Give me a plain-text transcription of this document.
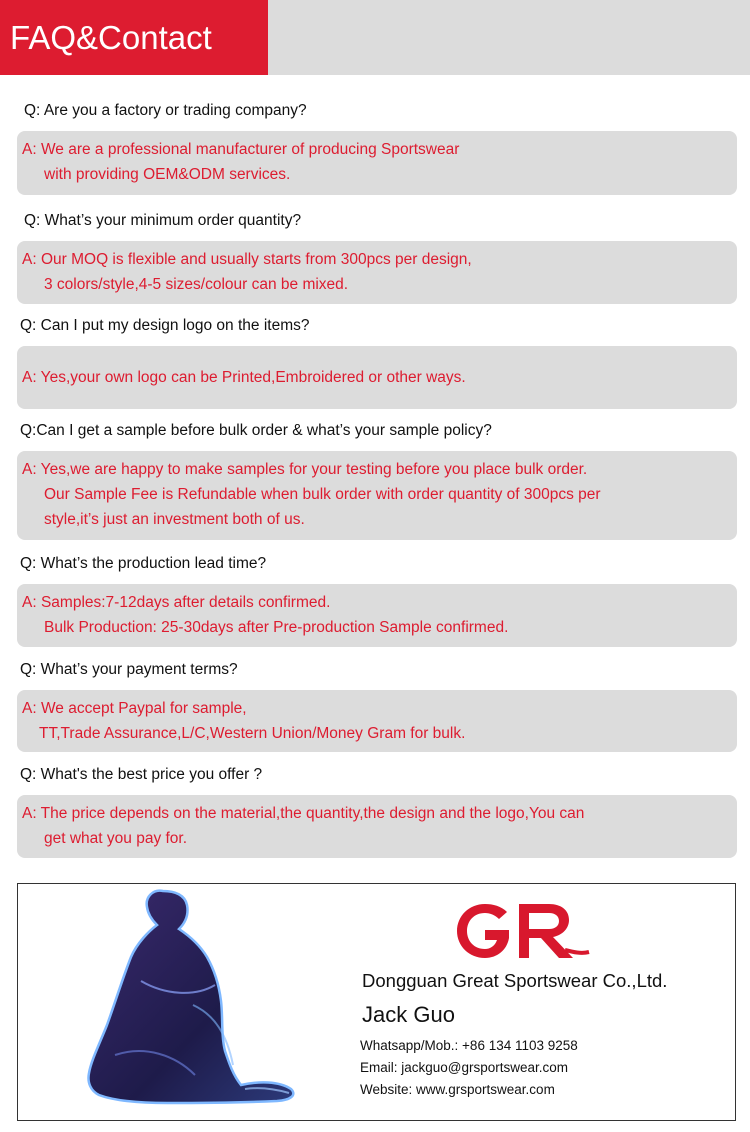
FAQ&Contact
Q: Are you a factory or trading company?
A: We are a professional manufacturer of producing Sportswear
with providing OEM&ODM services.
Q: What’s your minimum order quantity?
A: Our MOQ is flexible and usually starts from 300pcs per design,
3 colors/style,4-5 sizes/colour can be mixed.
Q: Can I put my design logo on the items?
A: Yes,your own logo can be Printed,Embroidered or other ways.
Q:Can I get a sample before bulk order & what’s your sample policy?
A: Yes,we are happy to make samples for your testing before you place bulk order.
Our Sample Fee is Refundable when bulk order with order quantity of 300pcs per
style,it’s just an investment both of us.
Q: What’s the production lead time?
A: Samples:7-12days after details confirmed.
Bulk Production: 25-30days after Pre-production Sample confirmed.
Q: What’s your payment terms?
A: We accept Paypal for sample,
TT,Trade Assurance,L/C,Western Union/Money Gram for bulk.
Q: What's the best price you offer ?
A: The price depends on the material,the quantity,the design and the logo,You can
get what you pay for.
Dongguan Great Sportswear Co.,Ltd.
Jack Guo
Whatsapp/Mob.: +86 134 1103 9258
Email: jackguo@grsportswear.com
Website: www.grsportswear.com
